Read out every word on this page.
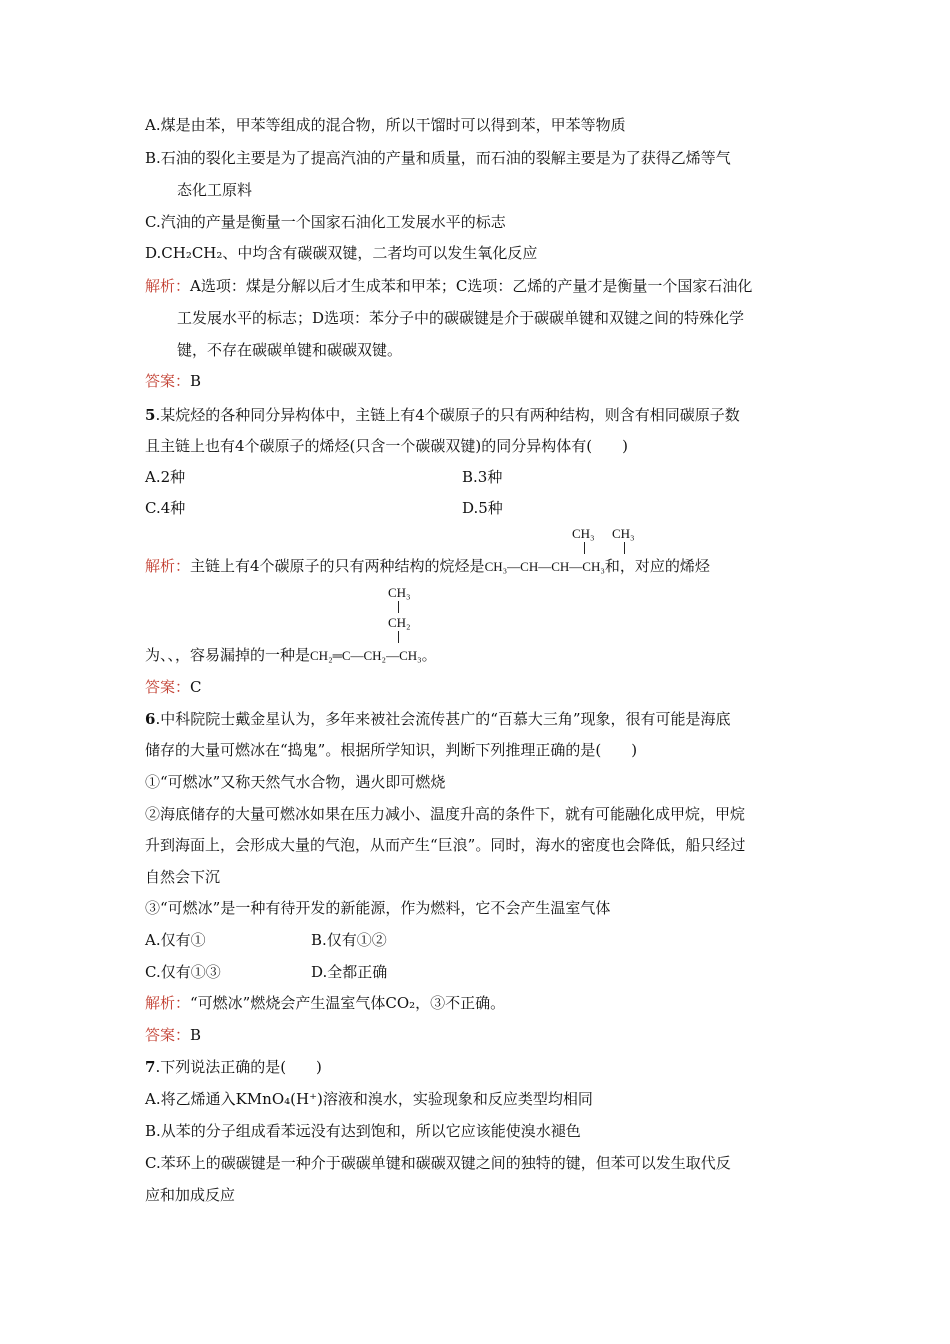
A.煤是由苯，甲苯等组成的混合物，所以干馏时可以得到苯，甲苯等物质
B.石油的裂化主要是为了提高汽油的产量和质量，而石油的裂解主要是为了获得乙烯等气
态化工原料
C.汽油的产量是衡量一个国家石油化工发展水平的标志
D.CH₂CH₂、中均含有碳碳双键，二者均可以发生氧化反应
解析：A选项：煤是分解以后才生成苯和甲苯；C选项：乙烯的产量才是衡量一个国家石油化
工发展水平的标志；D选项：苯分子中的碳碳键是介于碳碳单键和双键之间的特殊化学
键，不存在碳碳单键和碳碳双键。
答案：B
5.某烷烃的各种同分异构体中，主链上有4个碳原子的只有两种结构，则含有相同碳原子数
且主链上也有4个碳原子的烯烃(只含一个碳碳双键)的同分异构体有(　　)
A.2种	B.3种
C.4种	D.5种
CH₃ CH₃
解析：主链上有4个碳原子的只有两种结构的烷烃是CH₃—CH—CH—CH₃和，对应的烯烃
CH₃
CH₂
为、、，容易漏掉的一种是CH₂═C—CH₂—CH₃。
答案：C
6.中科院院士戴金星认为，多年来被社会流传甚广的“百慕大三角”现象，很有可能是海底
储存的大量可燃冰在“捣鬼”。根据所学知识，判断下列推理正确的是(　　)
①“可燃冰”又称天然气水合物，遇火即可燃烧
②海底储存的大量可燃冰如果在压力减小、温度升高的条件下，就有可能融化成甲烷，甲烷
升到海面上，会形成大量的气泡，从而产生“巨浪”。同时，海水的密度也会降低，船只经过
自然会下沉
③“可燃冰”是一种有待开发的新能源，作为燃料，它不会产生温室气体
A.仅有①	B.仅有①②
C.仅有①③	D.全都正确
解析：“可燃冰”燃烧会产生温室气体CO₂，③不正确。
答案：B
7.下列说法正确的是(　　)
A.将乙烯通入KMnO₄(H⁺)溶液和溴水，实验现象和反应类型均相同
B.从苯的分子组成看苯远没有达到饱和，所以它应该能使溴水褪色
C.苯环上的碳碳键是一种介于碳碳单键和碳碳双键之间的独特的键，但苯可以发生取代反
应和加成反应
